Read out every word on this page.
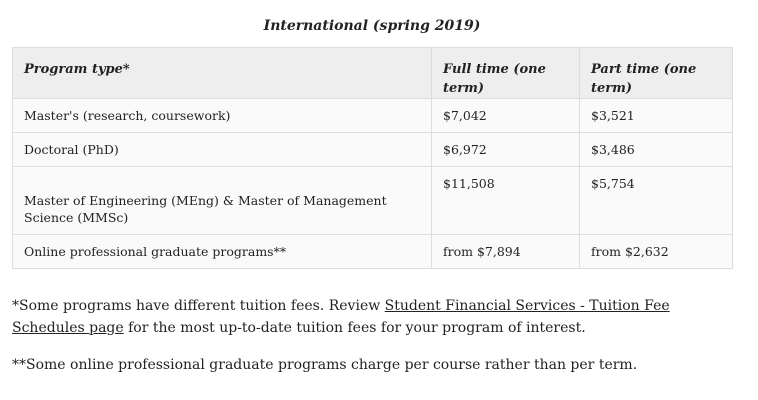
International (spring 2019)
Program type*	Full time (one term)	Part time (one term)
Master's (research, coursework)	$7,042	$3,521
Doctoral (PhD)	$6,972	$3,486
Master of Engineering (MEng) & Master of Management Science (MMSc)	$11,508	$5,754
Online professional graduate programs**	from $7,894	from $2,632

*Some programs have different tuition fees. Review Student Financial Services - Tuition Fee Schedules page for the most up-to-date tuition fees for your program of interest.

**Some online professional graduate programs charge per course rather than per term.
